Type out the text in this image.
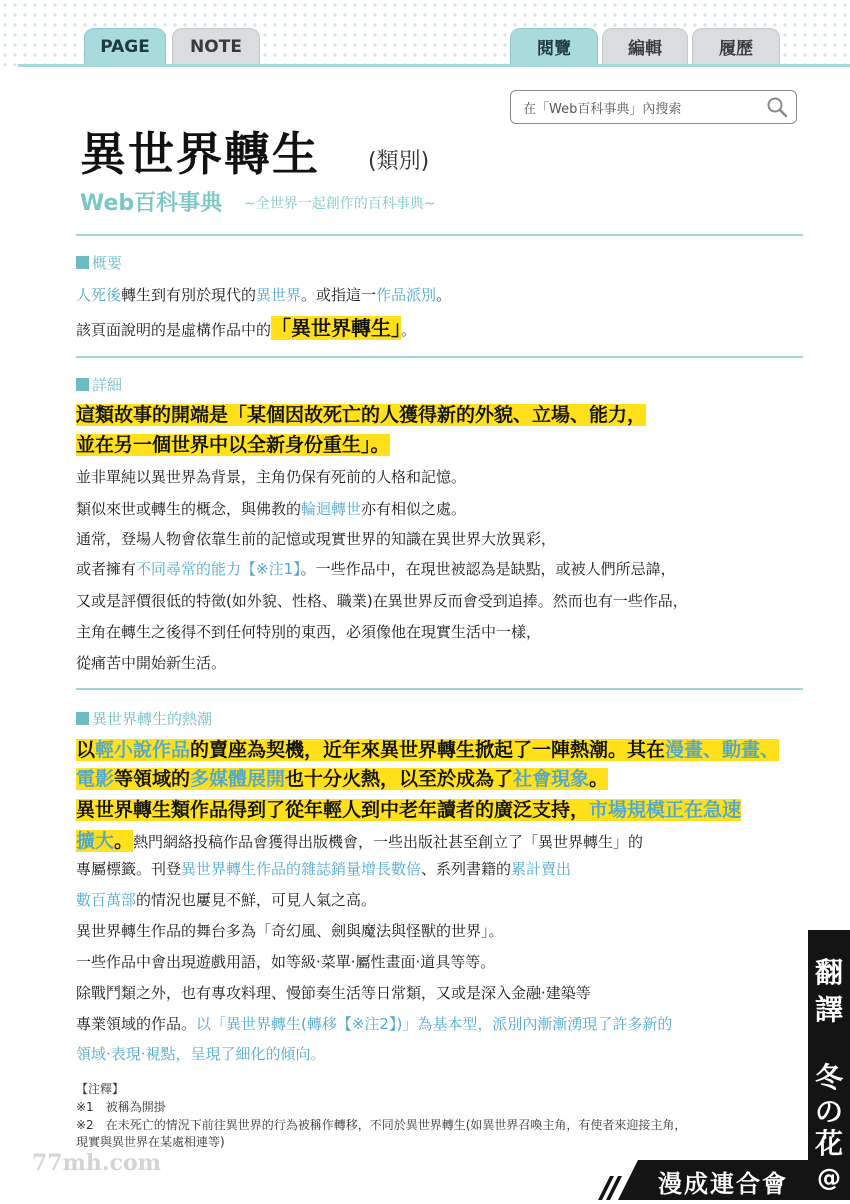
PAGE	NOTE	閱覽	編輯	履歷
在「Web百科事典」內搜索
異世界轉生 (類別)
Web百科事典 ~全世界一起創作的百科事典~
概要
人死後轉生到有別於現代的異世界。或指這一作品派別。
該頁面說明的是虛構作品中的「異世界轉生」。
詳細
這類故事的開端是「某個因故死亡的人獲得新的外貌、立場、能力，
並在另一個世界中以全新身份重生」。
並非單純以異世界為背景，主角仍保有死前的人格和記憶。
類似來世或轉生的概念，與佛教的輪迴轉世亦有相似之處。
通常，登場人物會依靠生前的記憶或現實世界的知識在異世界大放異彩，
或者擁有不同尋常的能力【※注1】。一些作品中，在現世被認為是缺點，或被人們所忌諱，
又或是評價很低的特徵(如外貌、性格、職業)在異世界反而會受到追捧。然而也有一些作品，
主角在轉生之後得不到任何特別的東西，必須像他在現實生活中一樣，
從痛苦中開始新生活。
異世界轉生的熱潮
以輕小說作品的賣座為契機，近年來異世界轉生掀起了一陣熱潮。其在漫畫、動畫、
電影等領域的多媒體展開也十分火熱，以至於成為了社會現象。
異世界轉生類作品得到了從年輕人到中老年讀者的廣泛支持，市場規模正在急速
擴大。熱門網絡投稿作品會獲得出版機會，一些出版社甚至創立了「異世界轉生」的
專屬標籤。刊登異世界轉生作品的雜誌銷量增長數倍、系列書籍的累計賣出
數百萬部的情況也屢見不鮮，可見人氣之高。
異世界轉生作品的舞台多為「奇幻風、劍與魔法與怪獸的世界」。
一些作品中會出現遊戲用語，如等級·菜單·屬性畫面·道具等等。
除戰鬥類之外，也有專攻料理、慢節奏生活等日常類，又或是深入金融·建築等
專業領域的作品。以「異世界轉生(轉移【※注2】)」為基本型，派別內漸漸湧現了許多新的
領域·表現·視點，呈現了細化的傾向。
【注釋】
※1　被稱為開掛
※2　在未死亡的情況下前往異世界的行為被稱作轉移，不同於異世界轉生(如異世界召喚主角，有使者來迎接主角，
現實與異世界在某處相連等)
翻
譯
冬
の
花
@
漫成連合會
77mh.com
